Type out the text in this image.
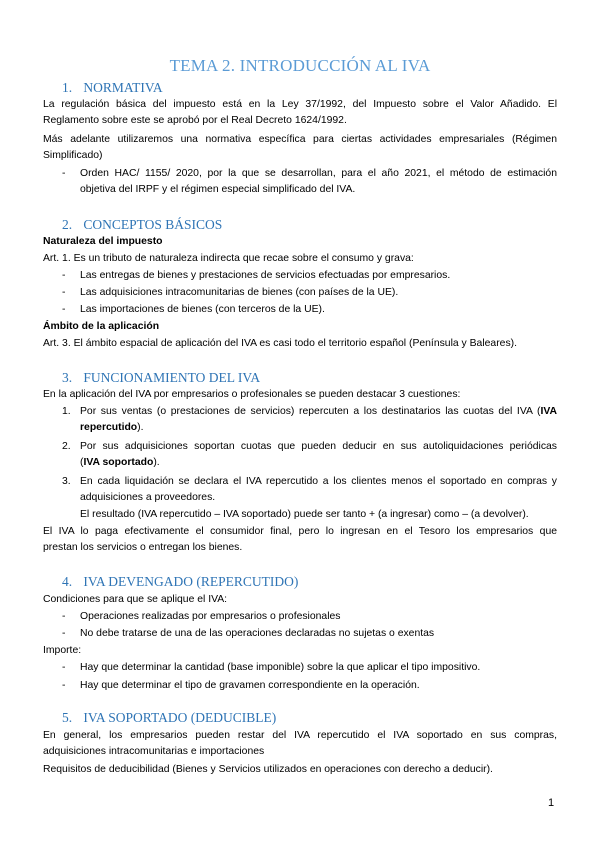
TEMA 2. INTRODUCCIÓN AL IVA
1. NORMATIVA
La regulación básica del impuesto está en la Ley 37/1992, del Impuesto sobre el Valor Añadido. El
Reglamento sobre este se aprobó por el Real Decreto 1624/1992.
Más adelante utilizaremos una normativa específica para ciertas actividades empresariales (Régimen
Simplificado)
- Orden HAC/ 1155/ 2020, por la que se desarrollan, para el año 2021, el método de estimación
objetiva del IRPF y el régimen especial simplificado del IVA.
2. CONCEPTOS BÁSICOS
Naturaleza del impuesto
Art. 1. Es un tributo de naturaleza indirecta que recae sobre el consumo y grava:
- Las entregas de bienes y prestaciones de servicios efectuadas por empresarios.
- Las adquisiciones intracomunitarias de bienes (con países de la UE).
- Las importaciones de bienes (con terceros de la UE).
Ámbito de la aplicación
Art. 3. El ámbito espacial de aplicación del IVA es casi todo el territorio español (Península y Baleares).
3. FUNCIONAMIENTO DEL IVA
En la aplicación del IVA por empresarios o profesionales se pueden destacar 3 cuestiones:
1. Por sus ventas (o prestaciones de servicios) repercuten a los destinatarios las cuotas del IVA (IVA
repercutido).
2. Por sus adquisiciones soportan cuotas que pueden deducir en sus autoliquidaciones periódicas
(IVA soportado).
3. En cada liquidación se declara el IVA repercutido a los clientes menos el soportado en compras y
adquisiciones a proveedores.
El resultado (IVA repercutido – IVA soportado) puede ser tanto + (a ingresar) como – (a devolver).
El IVA lo paga efectivamente el consumidor final, pero lo ingresan en el Tesoro los empresarios que
prestan los servicios o entregan los bienes.
4. IVA DEVENGADO (REPERCUTIDO)
Condiciones para que se aplique el IVA:
- Operaciones realizadas por empresarios o profesionales
- No debe tratarse de una de las operaciones declaradas no sujetas o exentas
Importe:
- Hay que determinar la cantidad (base imponible) sobre la que aplicar el tipo impositivo.
- Hay que determinar el tipo de gravamen correspondiente en la operación.
5. IVA SOPORTADO (DEDUCIBLE)
En general, los empresarios pueden restar del IVA repercutido el IVA soportado en sus compras,
adquisiciones intracomunitarias e importaciones
Requisitos de deducibilidad (Bienes y Servicios utilizados en operaciones con derecho a deducir).
1
